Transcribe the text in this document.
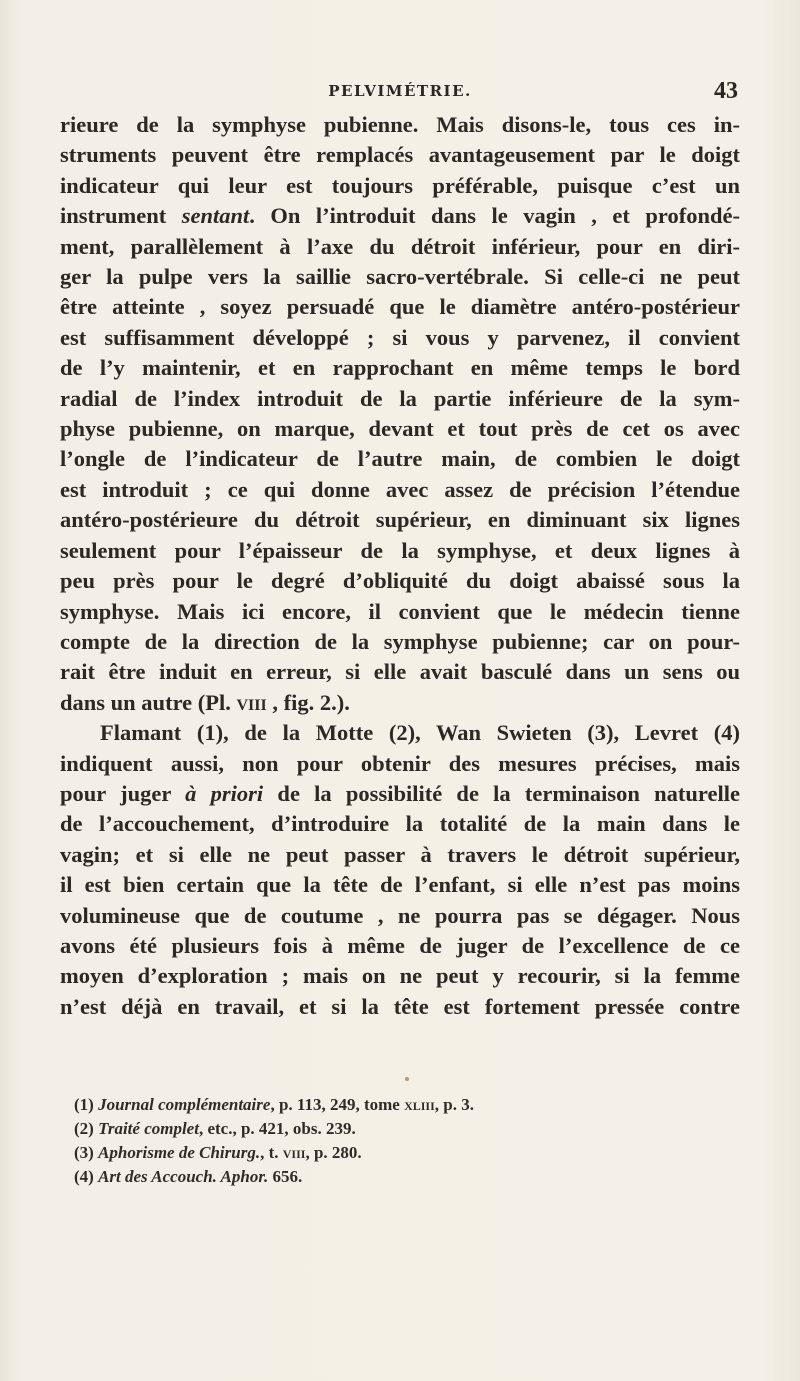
PELVIMÉTRIE.	43

rieure de la symphyse pubienne. Mais disons-le, tous ces in-
struments peuvent être remplacés avantageusement par le doigt
indicateur qui leur est toujours préférable, puisque c’est un
instrument sentant. On l’introduit dans le vagin , et profondé-
ment, parallèlement à l’axe du détroit inférieur, pour en diri-
ger la pulpe vers la saillie sacro-vertébrale. Si celle-ci ne peut
être atteinte , soyez persuadé que le diamètre antéro-postérieur
est suffisamment développé ; si vous y parvenez, il convient
de l’y maintenir, et en rapprochant en même temps le bord
radial de l’index introduit de la partie inférieure de la sym-
physe pubienne, on marque, devant et tout près de cet os avec
l’ongle de l’indicateur de l’autre main, de combien le doigt
est introduit ; ce qui donne avec assez de précision l’étendue
antéro-postérieure du détroit supérieur, en diminuant six lignes
seulement pour l’épaisseur de la symphyse, et deux lignes à
peu près pour le degré d’obliquité du doigt abaissé sous la
symphyse. Mais ici encore, il convient que le médecin tienne
compte de la direction de la symphyse pubienne; car on pour-
rait être induit en erreur, si elle avait basculé dans un sens ou
dans un autre (Pl. viii , fig. 2.).

Flamant (1), de la Motte (2), Wan Swieten (3), Levret (4)
indiquent aussi, non pour obtenir des mesures précises, mais
pour juger à priori de la possibilité de la terminaison naturelle
de l’accouchement, d’introduire la totalité de la main dans le
vagin; et si elle ne peut passer à travers le détroit supérieur,
il est bien certain que la tête de l’enfant, si elle n’est pas moins
volumineuse que de coutume , ne pourra pas se dégager. Nous
avons été plusieurs fois à même de juger de l’excellence de ce
moyen d’exploration ; mais on ne peut y recourir, si la femme
n’est déjà en travail, et si la tête est fortement pressée contre

(1) Journal complémentaire, p. 113, 249, tome xliii, p. 3.
(2) Traité complet, etc., p. 421, obs. 239.
(3) Aphorisme de Chirurg., t. viii, p. 280.
(4) Art des Accouch. Aphor. 656.
